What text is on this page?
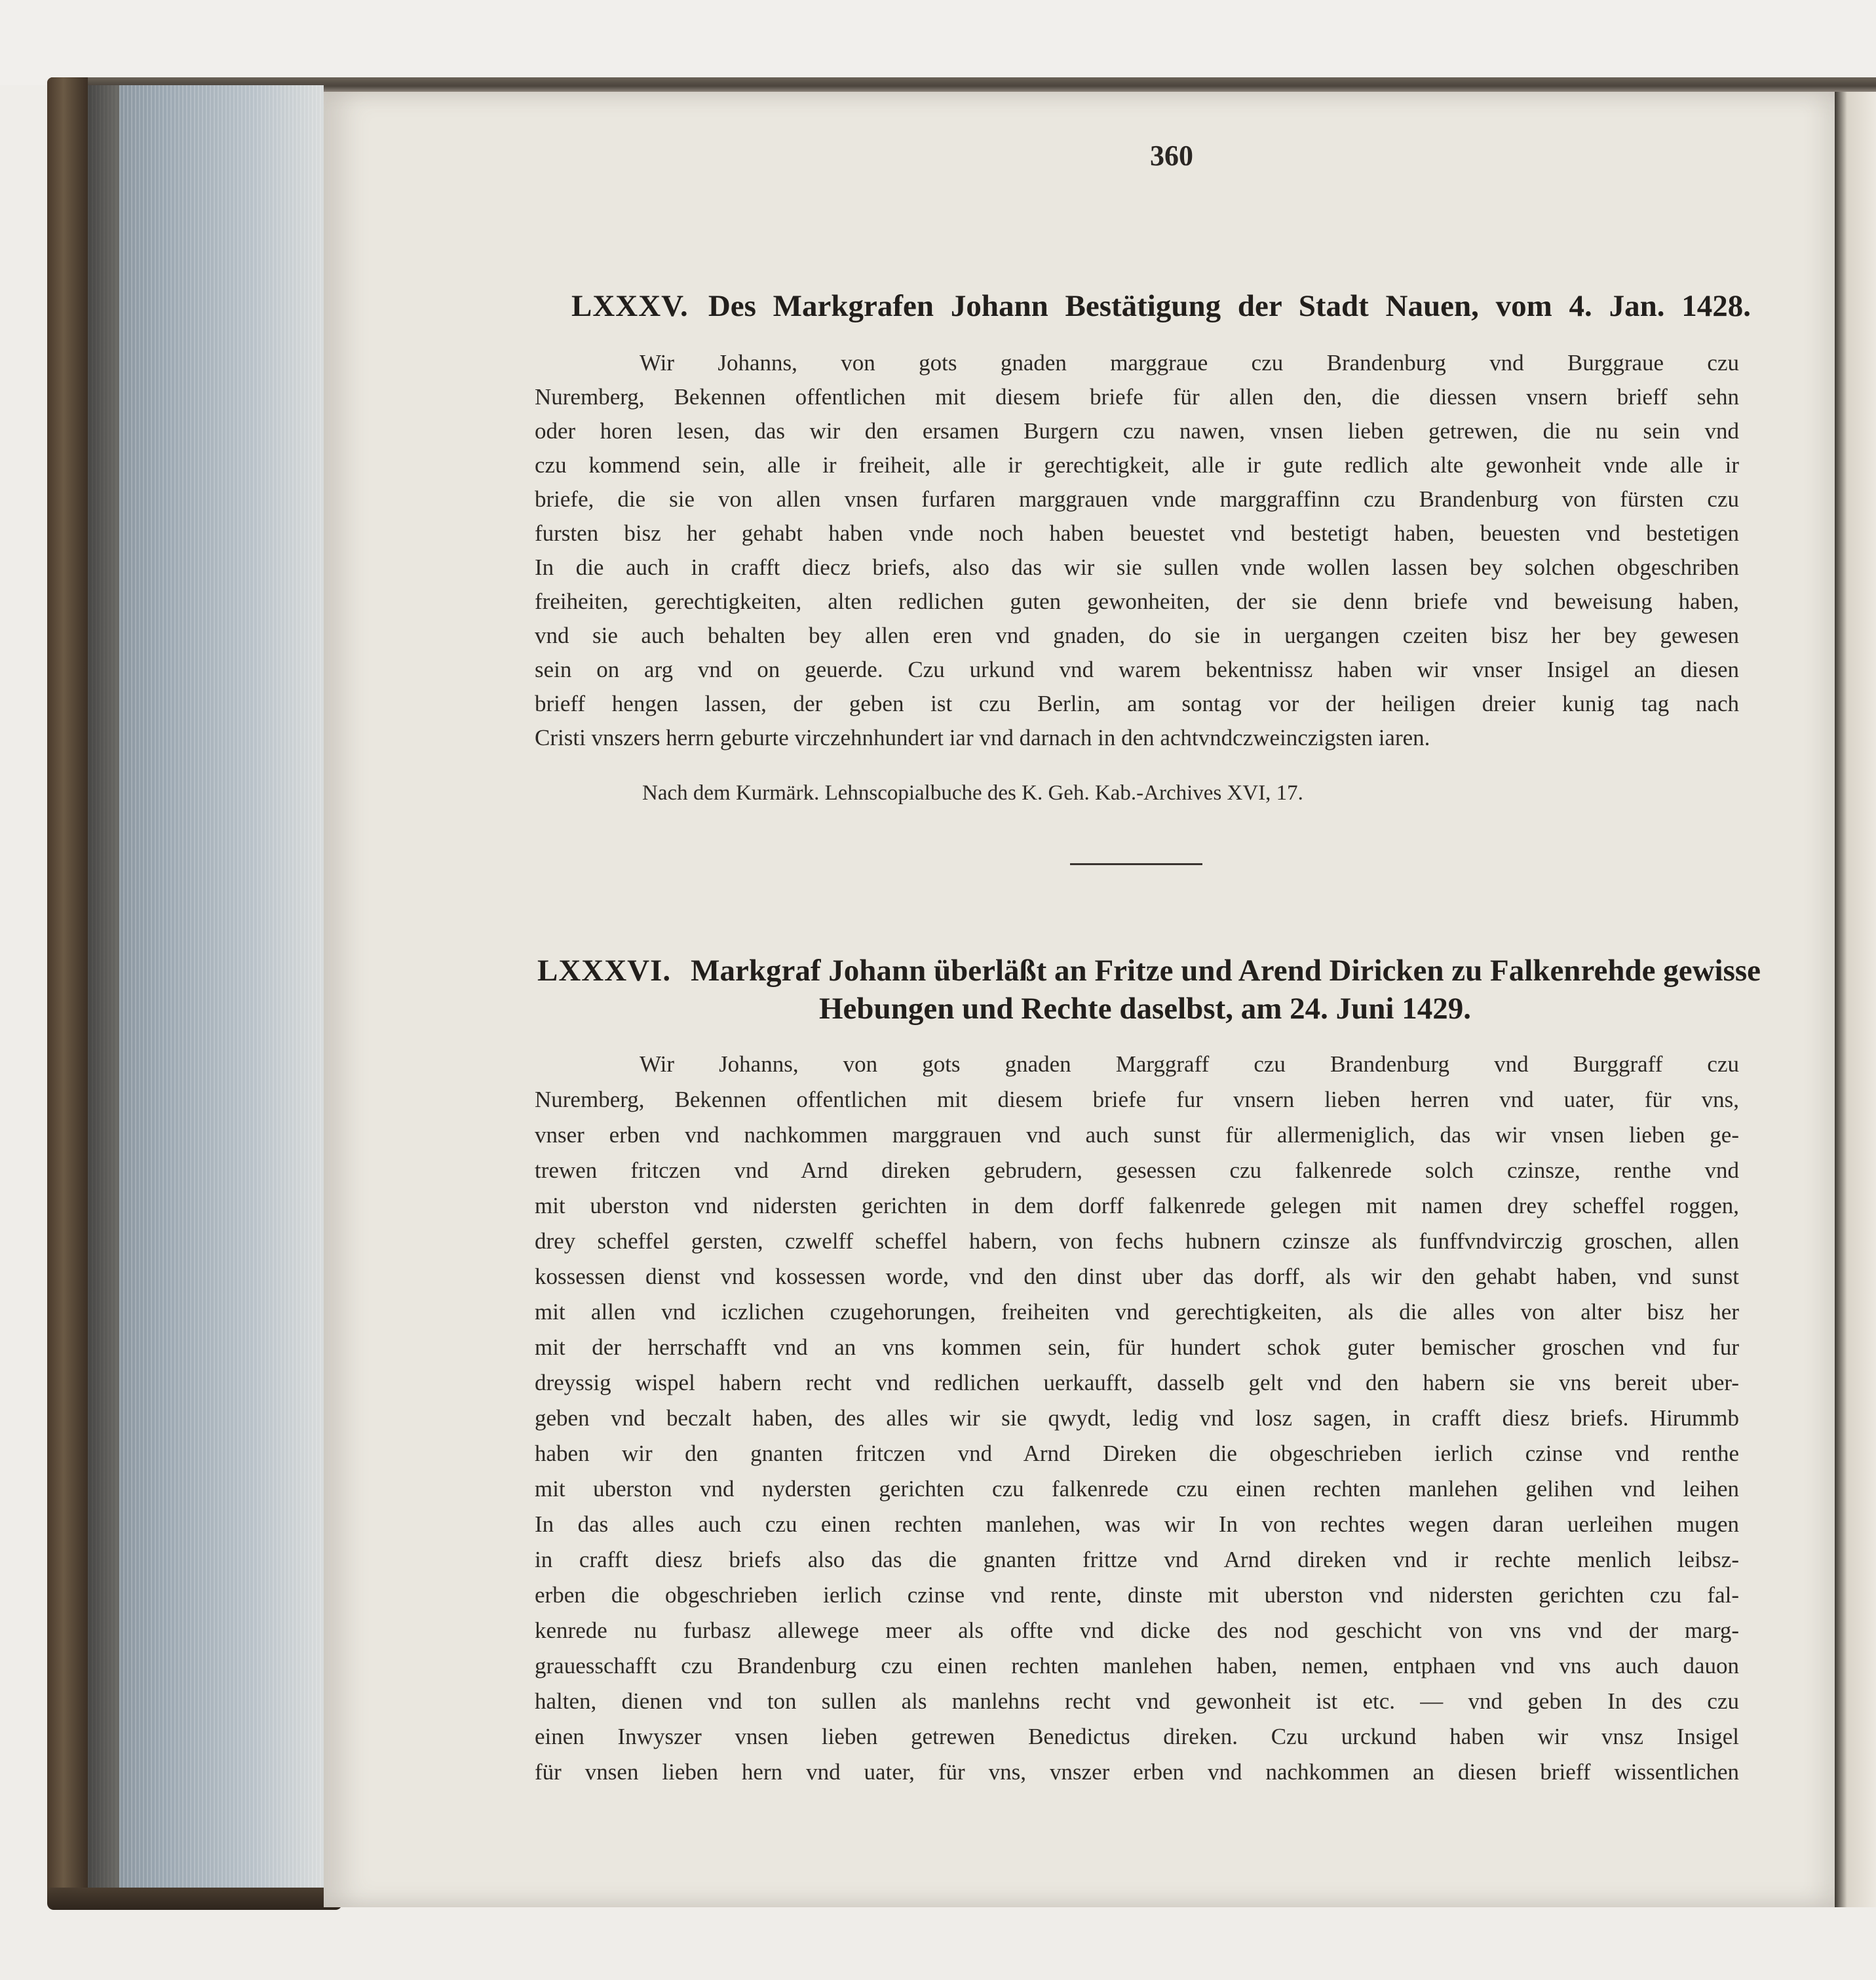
360
LXXXV. Des Markgrafen Johann Bestätigung der Stadt Nauen, vom 4. Jan. 1428.
Wir Johanns, von gots gnaden marggraue czu Brandenburg vnd Burggraue czu
Nuremberg, Bekennen offentlichen mit diesem briefe für allen den, die diessen vnsern brieff sehn
oder horen lesen, das wir den ersamen Burgern czu nawen, vnsen lieben getrewen, die nu sein vnd
czu kommend sein, alle ir freiheit, alle ir gerechtigkeit, alle ir gute redlich alte gewonheit vnde alle ir
briefe, die sie von allen vnsen furfaren marggrauen vnde marggraffinn czu Brandenburg von fürsten czu
fursten bisz her gehabt haben vnde noch haben beuestet vnd bestetigt haben, beuesten vnd bestetigen
In die auch in crafft diecz briefs, also das wir sie sullen vnde wollen lassen bey solchen obgeschriben
freiheiten, gerechtigkeiten, alten redlichen guten gewonheiten, der sie denn briefe vnd beweisung haben,
vnd sie auch behalten bey allen eren vnd gnaden, do sie in uergangen czeiten bisz her bey gewesen
sein on arg vnd on geuerde. Czu urkund vnd warem bekentnissz haben wir vnser Insigel an diesen
brieff hengen lassen, der geben ist czu Berlin, am sontag vor der heiligen dreier kunig tag nach
Cristi vnszers herrn geburte virczehnhundert iar vnd darnach in den achtvndczweinczigsten iaren.
Nach dem Kurmärk. Lehnscopialbuche des K. Geh. Kab.-Archives XVI, 17.
LXXXVI. Markgraf Johann überläßt an Fritze und Arend Diricken zu Falkenrehde gewisse
Hebungen und Rechte daselbst, am 24. Juni 1429.
Wir Johanns, von gots gnaden Marggraff czu Brandenburg vnd Burggraff czu
Nuremberg, Bekennen offentlichen mit diesem briefe fur vnsern lieben herren vnd uater, für vns,
vnser erben vnd nachkommen marggrauen vnd auch sunst für allermeniglich, das wir vnsen lieben ge-
trewen fritczen vnd Arnd direken gebrudern, gesessen czu falkenrede solch czinsze, renthe vnd
mit uberston vnd nidersten gerichten in dem dorff falkenrede gelegen mit namen drey scheffel roggen,
drey scheffel gersten, czwelff scheffel habern, von fechs hubnern czinsze als funffvndvirczig groschen, allen
kossessen dienst vnd kossessen worde, vnd den dinst uber das dorff, als wir den gehabt haben, vnd sunst
mit allen vnd iczlichen czugehorungen, freiheiten vnd gerechtigkeiten, als die alles von alter bisz her
mit der herrschafft vnd an vns kommen sein, für hundert schok guter bemischer groschen vnd fur
dreyssig wispel habern recht vnd redlichen uerkaufft, dasselb gelt vnd den habern sie vns bereit uber-
geben vnd beczalt haben, des alles wir sie qwydt, ledig vnd losz sagen, in crafft diesz briefs. Hirummb
haben wir den gnanten fritczen vnd Arnd Direken die obgeschrieben ierlich czinse vnd renthe
mit uberston vnd nydersten gerichten czu falkenrede czu einen rechten manlehen gelihen vnd leihen
In das alles auch czu einen rechten manlehen, was wir In von rechtes wegen daran uerleihen mugen
in crafft diesz briefs also das die gnanten frittze vnd Arnd direken vnd ir rechte menlich leibsz-
erben die obgeschrieben ierlich czinse vnd rente, dinste mit uberston vnd nidersten gerichten czu fal-
kenrede nu furbasz allewege meer als offte vnd dicke des nod geschicht von vns vnd der marg-
grauesschafft czu Brandenburg czu einen rechten manlehen haben, nemen, entphaen vnd vns auch dauon
halten, dienen vnd ton sullen als manlehns recht vnd gewonheit ist etc. — vnd geben In des czu
einen Inwyszer vnsen lieben getrewen Benedictus direken. Czu urckund haben wir vnsz Insigel
für vnsen lieben hern vnd uater, für vns, vnszer erben vnd nachkommen an diesen brieff wissentlichen
